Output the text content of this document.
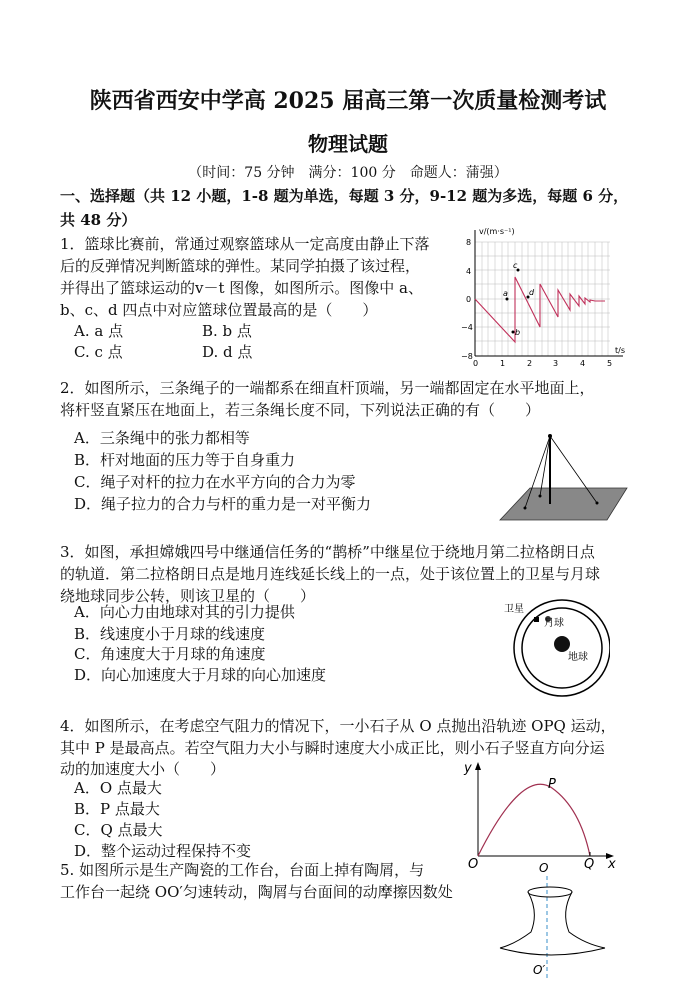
陕西省西安中学高 2025 届高三第一次质量检测考试
物理试题
（时间：75 分钟　满分：100 分　命题人：蒲强）
一、选择题（共 12 小题，1-8 题为单选，每题 3 分，9-12 题为多选，每题 6 分，
共 48 分）
1．篮球比赛前，常通过观察篮球从一定高度由静止下落
后的反弹情况判断篮球的弹性。某同学拍摄了该过程，
并得出了篮球运动的v－t 图像，如图所示。图像中 a、
b、c、d 四点中对应篮球位置最高的是（　　）
A. a 点	B. b 点
C. c 点	D. d 点
v/(m·s⁻¹)
t/s
8
4
0
−4
−8
0	1	2	3	4	5
a
b
c
d
2．如图所示，三条绳子的一端都系在细直杆顶端，另一端都固定在水平地面上，
将杆竖直紧压在地面上，若三条绳长度不同，下列说法正确的有（　　）
A．三条绳中的张力都相等
B．杆对地面的压力等于自身重力
C．绳子对杆的拉力在水平方向的合力为零
D．绳子拉力的合力与杆的重力是一对平衡力
3．如图，承担嫦娥四号中继通信任务的“鹊桥”中继星位于绕地月第二拉格朗日点
的轨道．第二拉格朗日点是地月连线延长线上的一点，处于该位置上的卫星与月球
绕地球同步公转，则该卫星的（　　）
A．向心力由地球对其的引力提供
B．线速度小于月球的线速度
C．角速度大于月球的角速度
D．向心加速度大于月球的向心加速度
卫星
月球
地球
4．如图所示，在考虑空气阻力的情况下，一小石子从 O 点抛出沿轨迹 OPQ 运动，
其中 P 是最高点。若空气阻力大小与瞬时速度大小成正比，则小石子竖直方向分运
动的加速度大小（　　）
A．O 点最大
B．P 点最大
C．Q 点最大
D．整个运动过程保持不变
y
x
O
P
Q
5. 如图所示是生产陶瓷的工作台，台面上掉有陶屑，与
工作台一起绕 OO′匀速转动，陶屑与台面间的动摩擦因数处
O
O′
